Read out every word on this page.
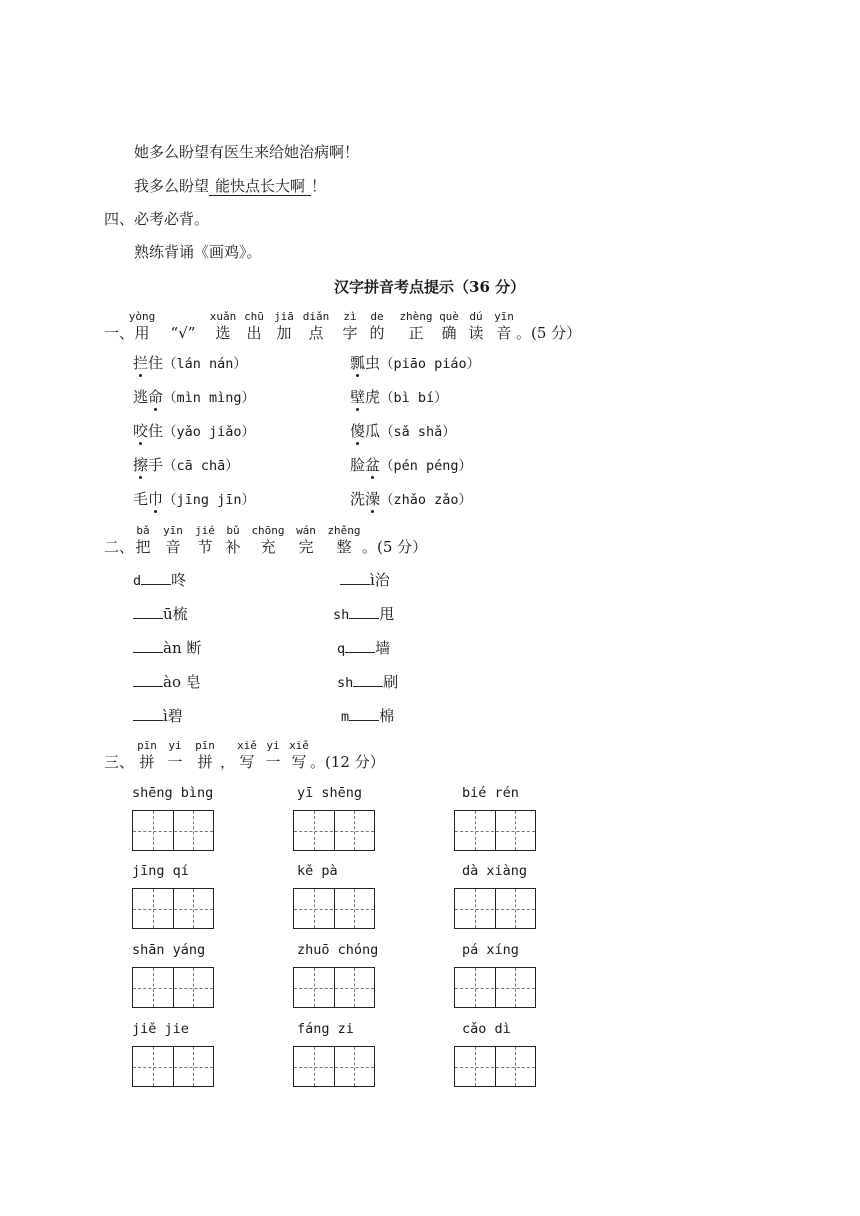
她多么盼望有医生来给她治病啊！
我多么盼望 能快点长大啊 ！
四、必考必背。
熟练背诵《画鸡》。
汉字拼音考点提示（36 分）
一、
yòng
用	“√”
xuǎn
选
chū
出
jiā
加
diǎn
点
zì
字
de
的
zhèng
正
què
确
dú
读
yīn
音 。(5 分）
拦住（lán nán）	瓢虫（piāo piáo）
逃命（mìn mìng）	壁虎（bì bí）
咬住（yǎo jiǎo）	傻瓜（sǎ shǎ）
擦手（cā chā）	脸盆（pén péng）
毛巾（jīng jīn）	洗澡（zhǎo zǎo）
二、
bǎ
把
yīn
音
jié
节
bǔ
补
chōng
充
wán
完
zhěng
整 。(5 分）
d 咚	ì治
ū梳	sh 甩
àn 断	q 墙
ào 皂	sh 刷
ì碧	m 棉
三、
pīn
拼
yi
一
pīn
拼 ，
xiě
写
yi
一
xiě
写 。(12 分）
shēng bìng	yī shēng	bié rén
jīng qí	kě pà	dà xiàng
shān yáng	zhuō chóng	pá xíng
jiě jie	fáng zi	cǎo dì
